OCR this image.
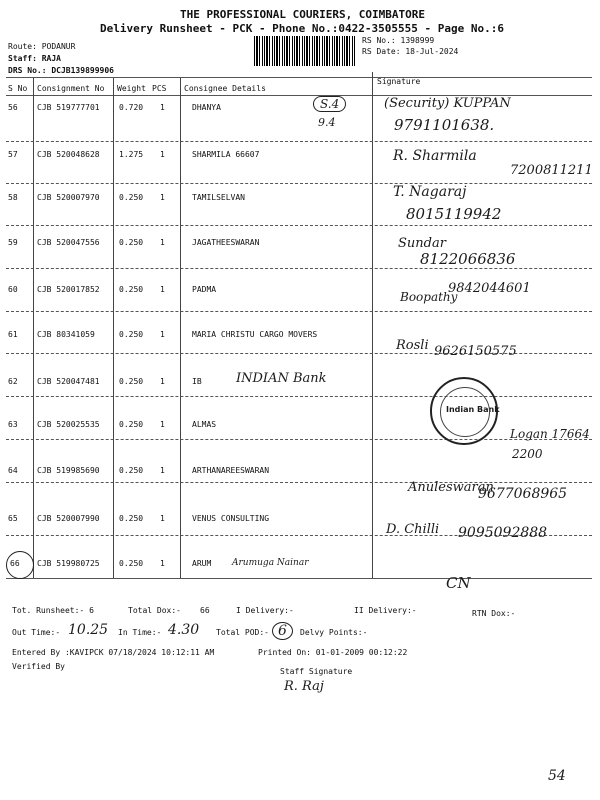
THE PROFESSIONAL COURIERS, COIMBATORE
Delivery Runsheet - PCK - Phone No.:0422-3505555 - Page No.:6
Route: PODANUR
Staff: RAJA
DRS No.: DCJB139899906
RS No.: 1398999
RS Date: 18-Jul-2024
S No Consignment No Weight PCS Consignee Details
Signature
56 CJB 519777701 0.720 1	DHANYA	S.4
9.4
(Security) KUPPAN
9791101638.
57 CJB 520048628 1.275 1	SHARMILA 66607	R. Sharmila
7200811211
58 CJB 520007970 0.250 1	TAMILSELVAN	T. Nagaraj
8015119942
59 CJB 520047556 0.250 1	JAGATHEESWARAN	Sundar
8122066836
60 CJB 520017852 0.250 1	PADMA
Boopathy
9842044601
61 CJB 80341059	0.250 1	MARIA CHRISTU CARGO MOVERS
Rosli 9626150575
62 CJB 520047481 0.250 1	IB	INDIAN Bank
Indian Bank
63 CJB 520025535 0.250 1	ALMAS
Logan 17664
2200
64 CJB 519985690 0.250 1	ARTHANAREESWARAN
Anuleswaran
9677068965
65 CJB 520007990 0.250 1	VENUS CONSULTING
D. Chilli 9095092888
66 CJB 519980725 0.250 1	ARUM Arumuga Nainar
CN
Tot. Runsheet:- 6	Total Dox:- 66	I Delivery:-	II Delivery:-	RTN Dox:-
Out Time:- 10.25 In Time:- 4.30 Total POD:- 6	Delvy Points:-
Entered By :KAVIPCK 07/18/2024 10:12:11 AM	Printed On: 01-01-2009 00:12:22
Verified By
Staff Signature
R. Raj
54
